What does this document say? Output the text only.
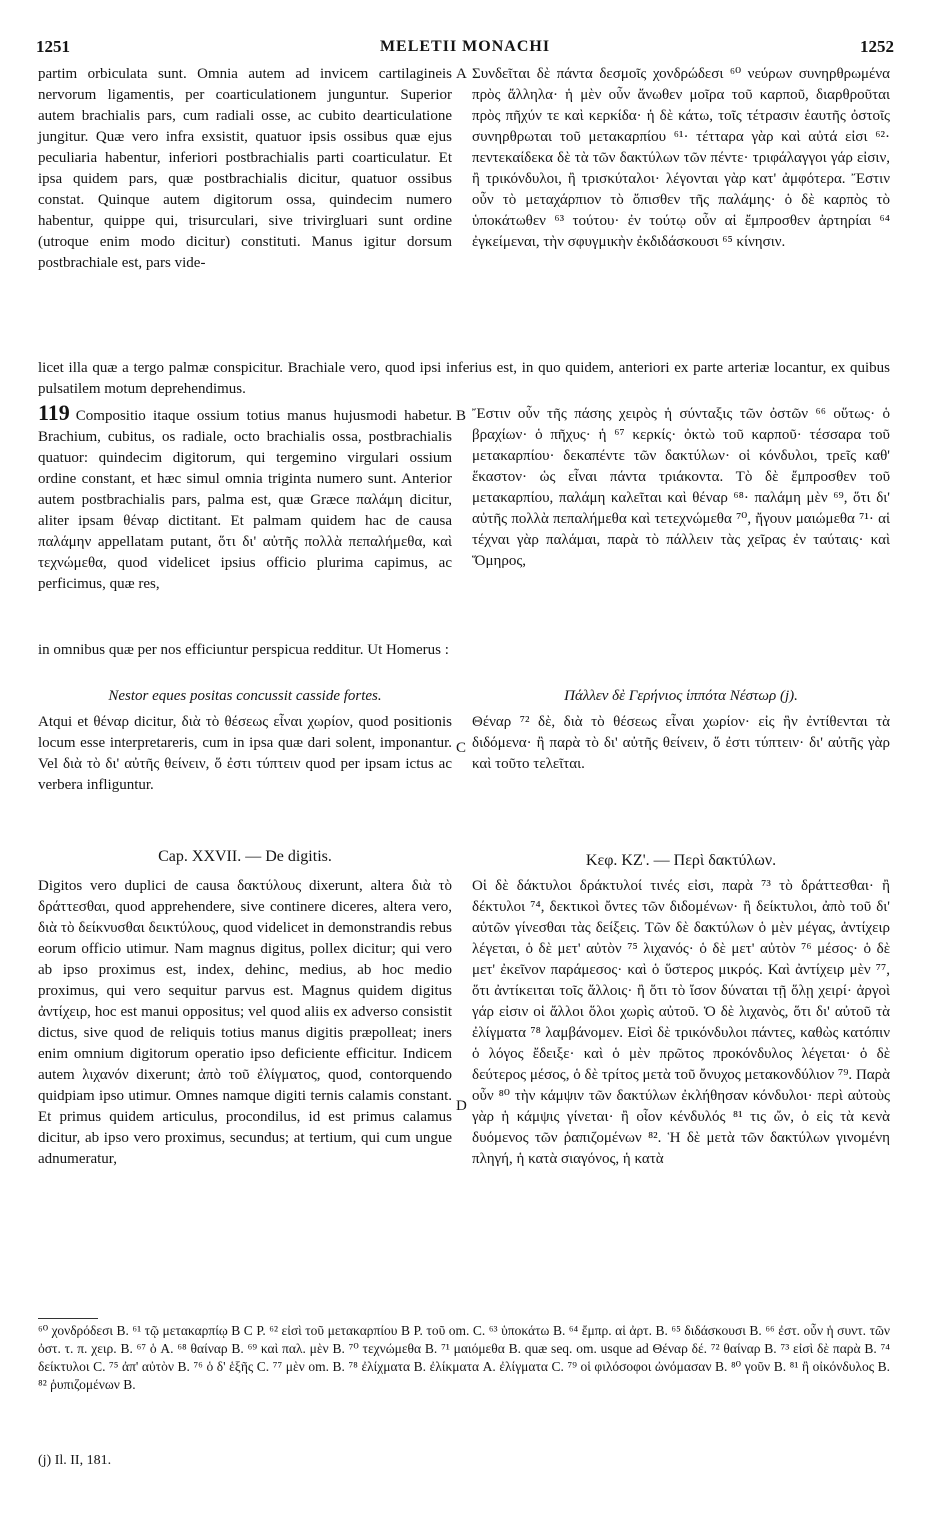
1251	MELETII MONACHI	1252
partim orbiculata sunt. Omnia autem ad invicem cartilagineis nervorum ligamentis, per coarticulationem junguntur. Superior autem brachialis pars, cum radiali osse, ac cubito dearticulatione jungitur. Quæ vero infra exsistit, quatuor ipsis ossibus quæ ejus peculiaria habentur, inferiori postbrachialis parti coarticulatur. Et ipsa quidem pars, quæ postbrachialis dicitur, quatuor ossibus constat. Quinque autem digitorum ossa, quindecim numero habentur, quippe qui, trisurculari, sive trivirgluari sunt ordine (utroque enim modo dicitur) constituti. Manus igitur dorsum postbrachiale est, pars vide-
A Συνδεῖται δὲ πάντα δεσμοῖς χονδρώδεσι ⁶⁰ νεύρων συνηρθρωμένα πρὸς ἄλληλα· ἡ μὲν οὖν ἄνωθεν μοῖρα τοῦ καρποῦ, διαρθροῦται πρὸς πῆχύν τε καὶ κερκίδα· ἡ δὲ κάτω, τοῖς τέτρασιν ἑαυτῆς ὀστοῖς συνηρθρωται τοῦ μετακαρπίου ⁶¹· τέτταρα γὰρ καὶ αὐτά εἰσι ⁶²· πεντεκαίδεκα δὲ τὰ τῶν δακτύλων τῶν πέντε· τριφάλαγγοι γάρ εἰσιν, ἢ τρικόνδυλοι, ἢ τρισκύταλοι· λέγονται γὰρ κατ' ἀμφότερα. Ἔστιν οὖν τὸ μεταχάρπιον τὸ ὄπισθεν τῆς παλάμης· ὁ δὲ καρπὸς τὸ ὑποκάτωθεν ⁶³ τούτου· ἐν τούτῳ οὖν αἱ ἔμπροσθεν ἀρτηρίαι ⁶⁴ ἐγκείμεναι, τὴν σφυγμικὴν ἐκδιδάσκουσι ⁶⁵ κίνησιν.
licet illa quæ a tergo palmæ conspicitur. Brachiale vero, quod ipsi inferius est, in quo quidem, anteriori ex parte arteriæ locantur, ex quibus pulsatilem motum deprehendimus.
119 Compositio itaque ossium totius manus hujusmodi habetur. Brachium, cubitus, os radiale, octo brachialis ossa, postbrachialis quatuor: quindecim digitorum, qui tergemino virgulari ossium ordine constant, et hæc simul omnia triginta numero sunt. Anterior autem postbrachialis pars, palma est, quæ Græce παλάμη dicitur, aliter ipsam θέναρ dictitant. Et palmam quidem hac de causa παλάμην appellatam putant, ὅτι δι' αὐτῆς πολλὰ πεπαλήμεθα, καὶ τεχνώμεθα, quod videlicet ipsius officio plurima capimus, ac perficimus, quæ res,
B Ἔστιν οὖν τῆς πάσης χειρὸς ἡ σύνταξις τῶν ὀστῶν ⁶⁶ οὕτως· ὁ βραχίων· ὁ πῆχυς· ἡ ⁶⁷ κερκίς· ὀκτὼ τοῦ καρποῦ· τέσσαρα τοῦ μετακαρπίου· δεκαπέντε τῶν δακτύλων· οἱ κόνδυλοι, τρεῖς καθ' ἕκαστον· ὡς εἶναι πάντα τριάκοντα. Τὸ δὲ ἔμπροσθεν τοῦ μετακαρπίου, παλάμη καλεῖται καὶ θέναρ ⁶⁸· παλάμη μὲν ⁶⁹, ὅτι δι' αὐτῆς πολλὰ πεπαλήμεθα καὶ τετεχνώμεθα ⁷⁰, ἤγουν μαιώμεθα ⁷¹· αἱ τέχναι γὰρ παλάμαι, παρὰ τὸ πάλλειν τὰς χεῖρας ἐν ταύταις· καὶ Ὅμηρος,
in omnibus quæ per nos efficiuntur perspicua redditur. Ut Homerus :
Nestor eques positas concussit casside fortes.	Πάλλεν δὲ Γερήνιος ἱππότα Νέστωρ (j).
Atqui et θέναρ dicitur, διὰ τὸ θέσεως εἶναι χωρίον, quod positionis locum esse interpretareris, cum in ipsa quæ dari solent, imponantur. Vel διὰ τὸ δι' αὐτῆς θείνειν, ὅ ἐστι τύπτειν quod per ipsam ictus ac verbera infliguntur.
C
Θέναρ ⁷² δὲ, διὰ τὸ θέσεως εἶναι χωρίον· εἰς ἣν ἐντίθενται τὰ διδόμενα· ἢ παρὰ τὸ δι' αὐτῆς θείνειν, ὅ ἐστι τύπτειν· δι' αὐτῆς γὰρ καὶ τοῦτο τελεῖται.
Cap. XXVII. — De digitis.	Κεφ. ΚΖ'. — Περὶ δακτύλων.
Digitos vero duplici de causa δακτύλους dixerunt, altera διὰ τὸ δράττεσθαι, quod apprehendere, sive continere diceres, altera vero, διὰ τὸ δείκνυσθαι δεικτύλους, quod videlicet in demonstrandis rebus eorum officio utimur. Nam magnus digitus, pollex dicitur; qui vero ab ipso proximus est, index, dehinc, medius, ab hoc medio proximus, qui vero sequitur parvus est. Magnus quidem digitus ἀντίχειρ, hoc est manui oppositus; vel quod aliis ex adverso consistit dictus, sive quod de reliquis totius manus digitis præpolleat; iners enim omnium digitorum operatio ipso deficiente efficitur. Indicem autem λιχανόν dixerunt; ἀπὸ τοῦ ἐλίγματος, quod, contorquendo quidpiam ipso utimur. Omnes namque digiti ternis calamis constant. Et primus quidem articulus, procondilus, id est primus calamus dicitur, ab ipso vero proximus, secundus; at tertium, qui cum ungue adnumeratur,
D
Οἱ δὲ δάκτυλοι δράκτυλοί τινές εἰσι, παρὰ ⁷³ τὸ δράττεσθαι· ἢ δέκτυλοι ⁷⁴, δεκτικοὶ ὄντες τῶν διδομένων· ἢ δείκτυλοι, ἀπὸ τοῦ δι' αὐτῶν γίνεσθαι τὰς δείξεις. Τῶν δὲ δακτύλων ὁ μὲν μέγας, ἀντίχειρ λέγεται, ὁ δὲ μετ' αὐτὸν ⁷⁵ λιχανός· ὁ δὲ μετ' αὐτὸν ⁷⁶ μέσος· ὁ δὲ μετ' ἐκεῖνον παράμεσος· καὶ ὁ ὕστερος μικρός. Καὶ ἀντίχειρ μὲν ⁷⁷, ὅτι ἀντίκειται τοῖς ἄλλοις· ἢ ὅτι τὸ ἴσον δύναται τῇ ὅλῃ χειρί· ἀργοὶ γάρ εἰσιν οἱ ἄλλοι ὅλοι χωρὶς αὐτοῦ. Ὁ δὲ λιχανὸς, ὅτι δι' αὐτοῦ τὰ ἐλίγματα ⁷⁸ λαμβάνομεν. Εἰσὶ δὲ τρικόνδυλοι πάντες, καθὼς κατόπιν ὁ λόγος ἔδειξε· καὶ ὁ μὲν πρῶτος προκόνδυλος λέγεται· ὁ δὲ δεύτερος μέσος, ὁ δὲ τρίτος μετὰ τοῦ ὄνυχος μετακονδύλιον ⁷⁹. Παρὰ οὖν ⁸⁰ τὴν κάμψιν τῶν δακτύλων ἐκλήθησαν κόνδυλοι· περὶ αὐτοὺς γὰρ ἡ κάμψις γίνεται· ἢ οἷον κένδυλός ⁸¹ τις ὤν, ὁ εἰς τὰ κενὰ δυόμενος τῶν ῥαπιζομένων ⁸². Ἡ δὲ μετὰ τῶν δακτύλων γινομένη πληγή, ἡ κατὰ σιαγόνος, ἡ κατὰ
⁶⁰ χονδρόδεσι B. ⁶¹ τῷ μετακαρπίῳ B C P. ⁶² εἰσὶ τοῦ μετακαρπίου B P. τοῦ om. C. ⁶³ ὑποκάτω B. ⁶⁴ ἔμπρ. αἱ ἀρτ. B. ⁶⁵ διδάσκουσι B. ⁶⁶ ἐστ. οὖν ἡ συντ. τῶν ὀστ. τ. π. χειρ. B. ⁶⁷ ὁ A. ⁶⁸ θαίναρ B. ⁶⁹ καὶ παλ. μὲν B. ⁷⁰ τεχνώμεθα B. ⁷¹ μαιόμεθα B. quæ seq. om. usque ad Θέναρ δέ. ⁷² θαίναρ B. ⁷³ εἰσὶ δὲ παρὰ B. ⁷⁴ δείκτυλοι C. ⁷⁵ ἀπ' αὐτὸν B. ⁷⁶ ὁ δ' ἑξῆς C. ⁷⁷ μὲν om. B. ⁷⁸ ἐλίχματα B. ἐλίκματα A. ἐλίγματα C. ⁷⁹ οἱ φιλόσοφοι ὠνόμασαν B. ⁸⁰ γοῦν B. ⁸¹ ἢ οἰκόνδυλος B. ⁸² ῥυπιζομένων B.
(j) Il. II, 181.
